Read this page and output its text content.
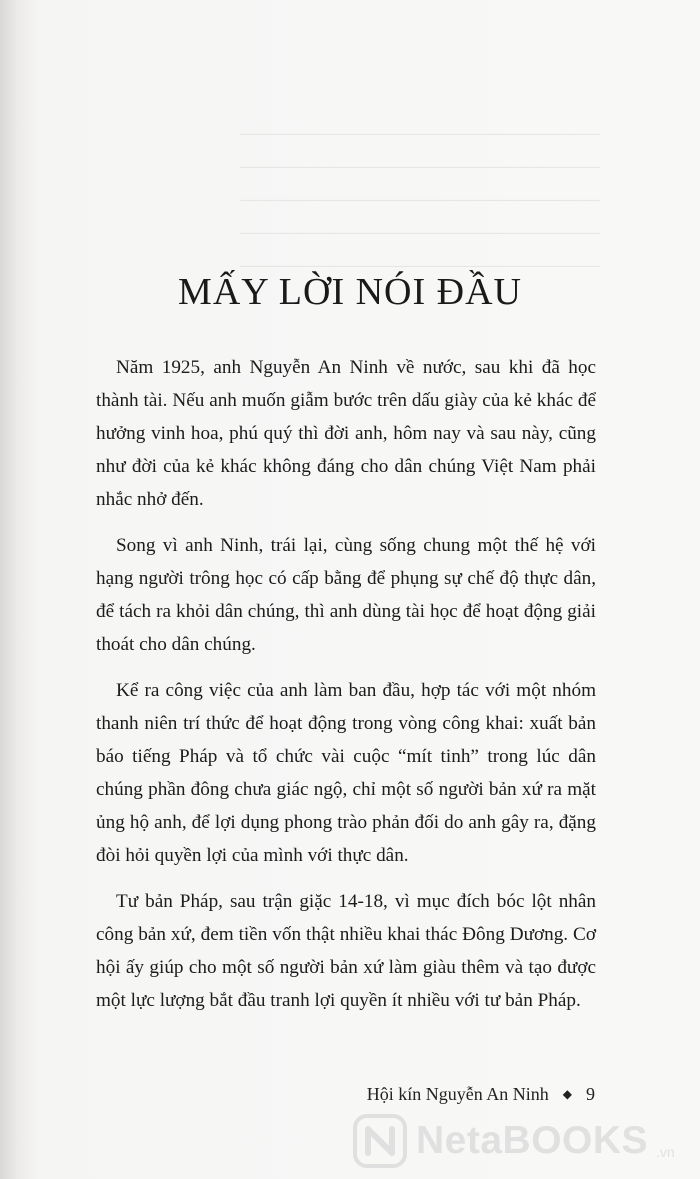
————————————————————————
————————————————————————
————————————————————————
————————————————————————
————————————————————————
MẤY LỜI NÓI ĐẦU

Năm 1925, anh Nguyễn An Ninh về nước, sau khi đã học thành tài. Nếu anh muốn giẫm bước trên dấu giày của kẻ khác để hưởng vinh hoa, phú quý thì đời anh, hôm nay và sau này, cũng như đời của kẻ khác không đáng cho dân chúng Việt Nam phải nhắc nhở đến.

Song vì anh Ninh, trái lại, cùng sống chung một thế hệ với hạng người trông học có cấp bằng để phụng sự chế độ thực dân, để tách ra khỏi dân chúng, thì anh dùng tài học để hoạt động giải thoát cho dân chúng.

Kể ra công việc của anh làm ban đầu, hợp tác với một nhóm thanh niên trí thức để hoạt động trong vòng công khai: xuất bản báo tiếng Pháp và tổ chức vài cuộc “mít tinh” trong lúc dân chúng phần đông chưa giác ngộ, chỉ một số người bản xứ ra mặt ủng hộ anh, để lợi dụng phong trào phản đối do anh gây ra, đặng đòi hỏi quyền lợi của mình với thực dân.

Tư bản Pháp, sau trận giặc 14-18, vì mục đích bóc lột nhân công bản xứ, đem tiền vốn thật nhiều khai thác Đông Dương. Cơ hội ấy giúp cho một số người bản xứ làm giàu thêm và tạo được một lực lượng bắt đầu tranh lợi quyền ít nhiều với tư bản Pháp.

Hội kín Nguyễn An Ninh ◆ 9
NetaBOOKS .vn
